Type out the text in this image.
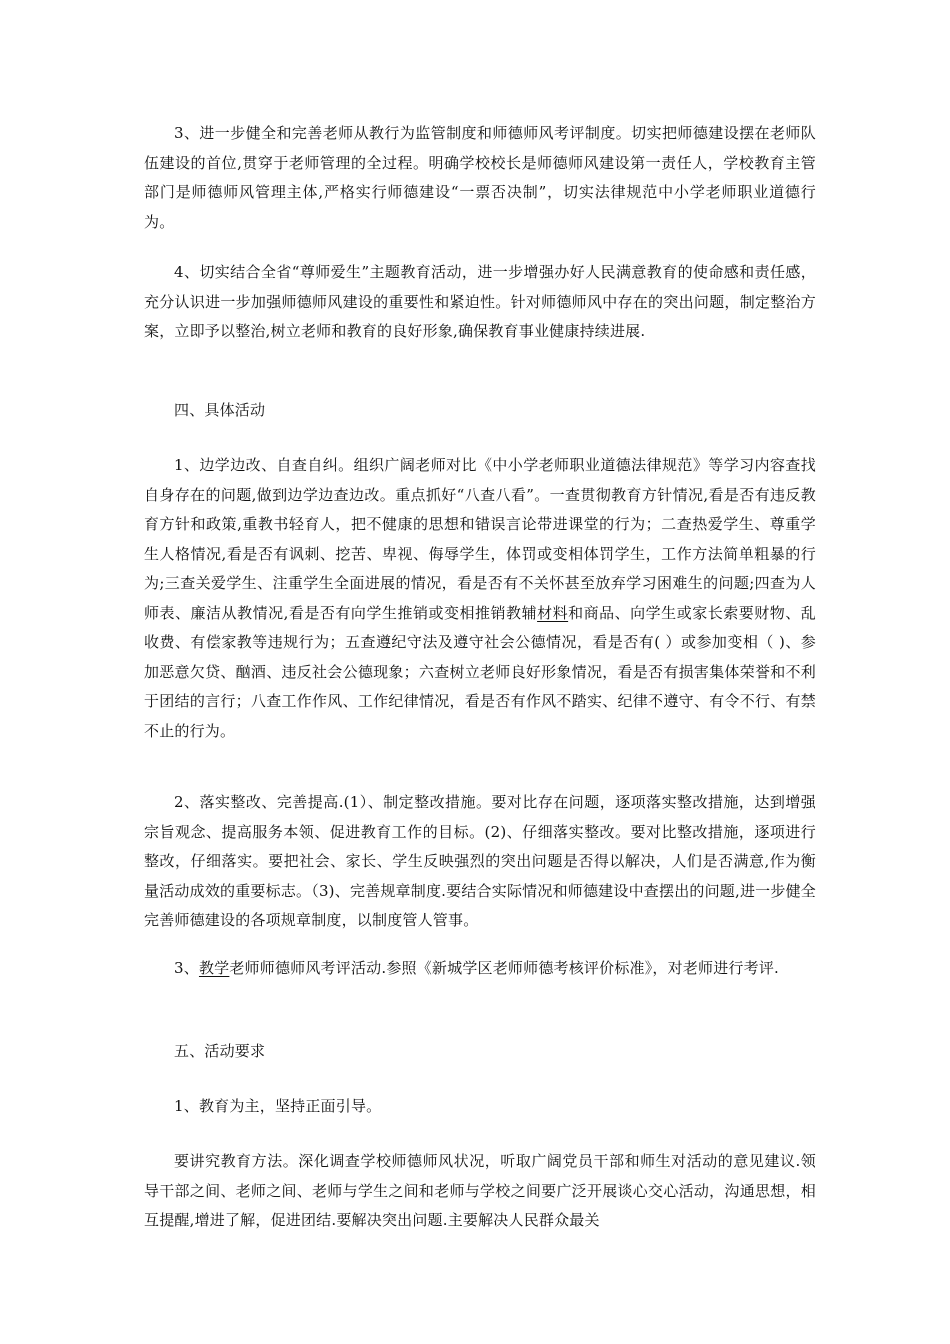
3、进一步健全和完善老师从教行为监管制度和师德师风考评制度。切实把师德建设摆在老师队伍建设的首位,贯穿于老师管理的全过程。明确学校校长是师德师风建设第一责任人，学校教育主管部门是师德师风管理主体,严格实行师德建设“一票否决制”，切实法律规范中小学老师职业道德行为。
4、切实结合全省“尊师爱生”主题教育活动，进一步增强办好人民满意教育的使命感和责任感，充分认识进一步加强师德师风建设的重要性和紧迫性。针对师德师风中存在的突出问题，制定整治方案，立即予以整治,树立老师和教育的良好形象,确保教育事业健康持续进展.
四、具体活动
1、边学边改、自查自纠。组织广阔老师对比《中小学老师职业道德法律规范》等学习内容查找自身存在的问题,做到边学边查边改。重点抓好“八查八看”。一查贯彻教育方针情况,看是否有违反教育方针和政策,重教书轻育人，把不健康的思想和错误言论带进课堂的行为；二查热爱学生、尊重学生人格情况,看是否有讽刺、挖苦、卑视、侮辱学生，体罚或变相体罚学生，工作方法简单粗暴的行为;三查关爱学生、注重学生全面进展的情况，看是否有不关怀甚至放弃学习困难生的问题;四查为人师表、廉洁从教情况,看是否有向学生推销或变相推销教辅材料和商品、向学生或家长索要财物、乱收费、有偿家教等违规行为；五查遵纪守法及遵守社会公德情况，看是否有( ）或参加变相（ )、参加恶意欠贷、酗酒、违反社会公德现象；六查树立老师良好形象情况，看是否有损害集体荣誉和不利于团结的言行；八查工作作风、工作纪律情况，看是否有作风不踏实、纪律不遵守、有令不行、有禁不止的行为。
2、落实整改、完善提高.(1）、制定整改措施。要对比存在问题，逐项落实整改措施，达到增强宗旨观念、提高服务本领、促进教育工作的目标。(2)、仔细落实整改。要对比整改措施，逐项进行整改，仔细落实。要把社会、家长、学生反映强烈的突出问题是否得以解决，人们是否满意,作为衡量活动成效的重要标志。（3)、完善规章制度.要结合实际情况和师德建设中查摆出的问题,进一步健全完善师德建设的各项规章制度，以制度管人管事。
3、教学老师师德师风考评活动.参照《新城学区老师师德考核评价标准》，对老师进行考评.
五、活动要求
1、教育为主，坚持正面引导。
要讲究教育方法。深化调查学校师德师风状况，听取广阔党员干部和师生对活动的意见建议.领导干部之间、老师之间、老师与学生之间和老师与学校之间要广泛开展谈心交心活动，沟通思想，相互提醒,增进了解，促进团结.要解决突出问题.主要解决人民群众最关
